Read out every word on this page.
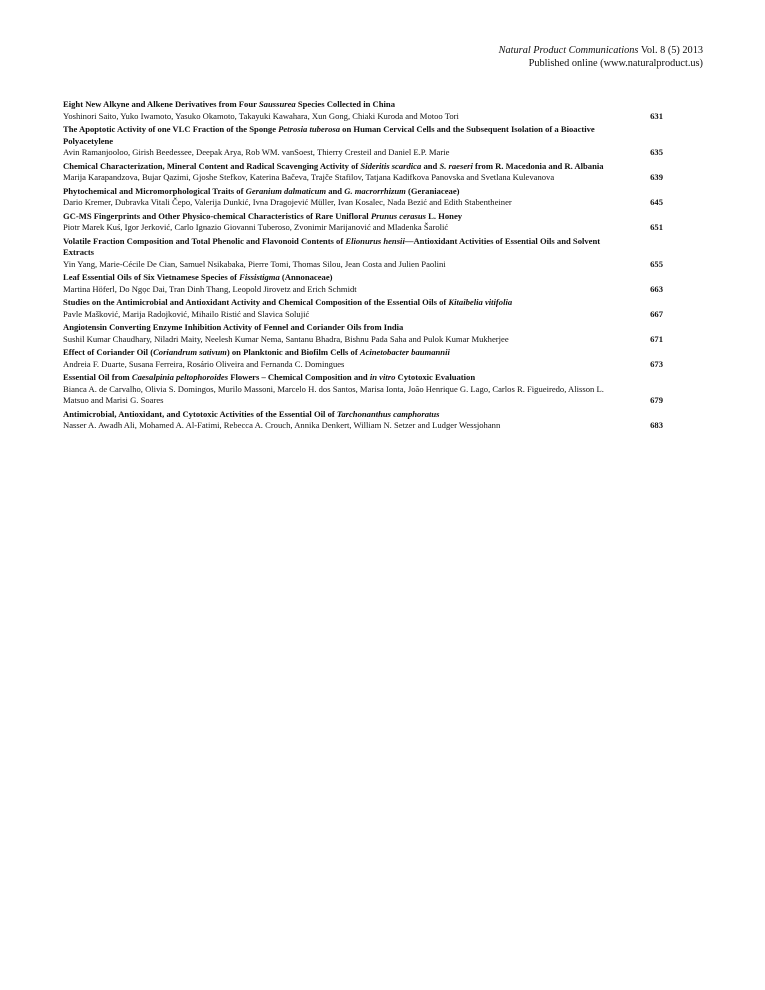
Natural Product Communications Vol. 8 (5) 2013
Published online (www.naturalproduct.us)
Eight New Alkyne and Alkene Derivatives from Four Saussurea Species Collected in China
Yoshinori Saito, Yuko Iwamoto, Yasuko Okamoto, Takayuki Kawahara, Xun Gong, Chiaki Kuroda and Motoo Tori	631
The Apoptotic Activity of one VLC Fraction of the Sponge Petrosia tuberosa on Human Cervical Cells and the Subsequent Isolation of a Bioactive Polyacetylene
Avin Ramanjooloo, Girish Beedessee, Deepak Arya, Rob WM. vanSoest, Thierry Cresteil and Daniel E.P. Marie	635
Chemical Characterization, Mineral Content and Radical Scavenging Activity of Sideritis scardica and S. raeseri from R. Macedonia and R. Albania
Marija Karapandzova, Bujar Qazimi, Gjoshe Stefkov, Katerina Bačeva, Trajče Stafilov, Tatjana Kadifkova Panovska and Svetlana Kulevanova	639
Phytochemical and Micromorphological Traits of Geranium dalmaticum and G. macrorrhizum (Geraniaceae)
Dario Kremer, Dubravka Vitali Čepo, Valerija Dunkić, Ivna Dragojević Müller, Ivan Kosalec, Nada Bezić and Edith Stabentheiner	645
GC-MS Fingerprints and Other Physico-chemical Characteristics of Rare Unifloral Prunus cerasus L. Honey
Piotr Marek Kuś, Igor Jerković, Carlo Ignazio Giovanni Tuberoso, Zvonimir Marijanović and Mladenka Šarolić	651
Volatile Fraction Composition and Total Phenolic and Flavonoid Contents of Elionurus hensii—Antioxidant Activities of Essential Oils and Solvent Extracts
Yin Yang, Marie-Cécile De Cian, Samuel Nsikabaka, Pierre Tomi, Thomas Silou, Jean Costa and Julien Paolini	655
Leaf Essential Oils of Six Vietnamese Species of Fissistigma (Annonaceae)
Martina Höferl, Do Ngọc Dai, Tran Dinh Thang, Leopold Jirovetz and Erich Schmidt	663
Studies on the Antimicrobial and Antioxidant Activity and Chemical Composition of the Essential Oils of Kitaibelia vitifolia
Pavle Mašković, Marija Radojković, Mihailo Ristić and Slavica Solujić	667
Angiotensin Converting Enzyme Inhibition Activity of Fennel and Coriander Oils from India
Sushil Kumar Chaudhary, Niladri Maity, Neelesh Kumar Nema, Santanu Bhadra, Bishnu Pada Saha and Pulok Kumar Mukherjee	671
Effect of Coriander Oil (Coriandrum sativum) on Planktonic and Biofilm Cells of Acinetobacter baumannii
Andreia F. Duarte, Susana Ferreira, Rosário Oliveira and Fernanda C. Domingues	673
Essential Oil from Caesalpinia peltophoroides Flowers – Chemical Composition and in vitro Cytotoxic Evaluation
Bianca A. de Carvalho, Olivia S. Domingos, Murilo Massoni, Marcelo H. dos Santos, Marisa Ionta, João Henrique G. Lago, Carlos R. Figueiredo, Alisson L. Matsuo and Marisi G. Soares	679
Antimicrobial, Antioxidant, and Cytotoxic Activities of the Essential Oil of Tarchonanthus camphoratus
Nasser A. Awadh Ali, Mohamed A. Al-Fatimi, Rebecca A. Crouch, Annika Denkert, William N. Setzer and Ludger Wessjohann	683
